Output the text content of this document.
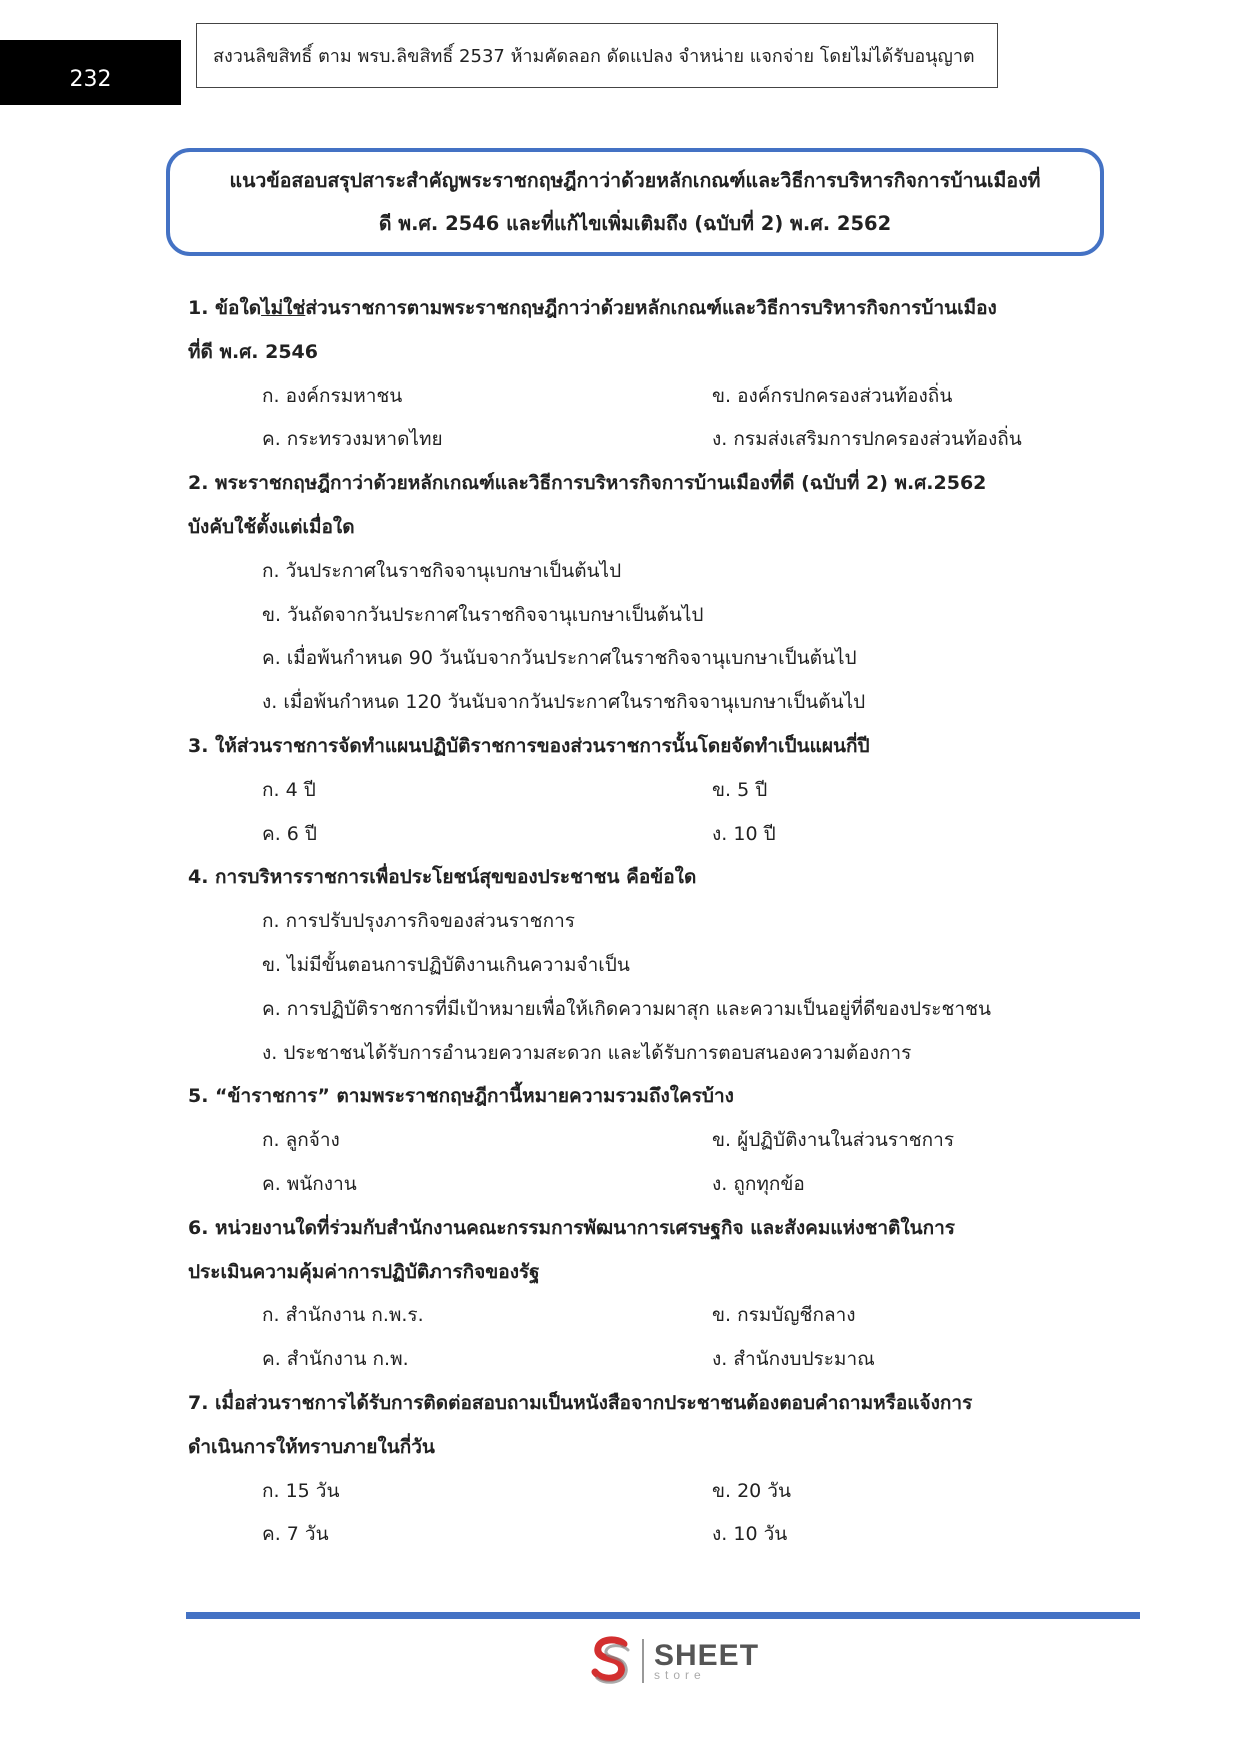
232
สงวนลิขสิทธิ์ ตาม พรบ.ลิขสิทธิ์ 2537 ห้ามคัดลอก ดัดแปลง จำหน่าย แจกจ่าย โดยไม่ได้รับอนุญาต
แนวข้อสอบสรุปสาระสำคัญพระราชกฤษฎีกาว่าด้วยหลักเกณฑ์และวิธีการบริหารกิจการบ้านเมืองที่
ดี พ.ศ. 2546 และที่แก้ไขเพิ่มเติมถึง (ฉบับที่ 2) พ.ศ. 2562
1. ข้อใดไม่ใช่ส่วนราชการตามพระราชกฤษฎีกาว่าด้วยหลักเกณฑ์และวิธีการบริหารกิจการบ้านเมือง
ที่ดี พ.ศ. 2546
ก. องค์กรมหาชน	ข. องค์กรปกครองส่วนท้องถิ่น
ค. กระทรวงมหาดไทย	ง. กรมส่งเสริมการปกครองส่วนท้องถิ่น
2. พระราชกฤษฎีกาว่าด้วยหลักเกณฑ์และวิธีการบริหารกิจการบ้านเมืองที่ดี (ฉบับที่ 2) พ.ศ.2562
บังคับใช้ตั้งแต่เมื่อใด
ก. วันประกาศในราชกิจจานุเบกษาเป็นต้นไป
ข. วันถัดจากวันประกาศในราชกิจจานุเบกษาเป็นต้นไป
ค. เมื่อพ้นกำหนด 90 วันนับจากวันประกาศในราชกิจจานุเบกษาเป็นต้นไป
ง. เมื่อพ้นกำหนด 120 วันนับจากวันประกาศในราชกิจจานุเบกษาเป็นต้นไป
3. ให้ส่วนราชการจัดทำแผนปฏิบัติราชการของส่วนราชการนั้นโดยจัดทำเป็นแผนกี่ปี
ก. 4 ปี	ข. 5 ปี
ค. 6 ปี	ง. 10 ปี
4. การบริหารราชการเพื่อประโยชน์สุขของประชาชน คือข้อใด
ก. การปรับปรุงภารกิจของส่วนราชการ
ข. ไม่มีขั้นตอนการปฏิบัติงานเกินความจำเป็น
ค. การปฏิบัติราชการที่มีเป้าหมายเพื่อให้เกิดความผาสุก และความเป็นอยู่ที่ดีของประชาชน
ง. ประชาชนได้รับการอำนวยความสะดวก และได้รับการตอบสนองความต้องการ
5. “ข้าราชการ” ตามพระราชกฤษฎีกานี้หมายความรวมถึงใครบ้าง
ก. ลูกจ้าง	ข. ผู้ปฏิบัติงานในส่วนราชการ
ค. พนักงาน	ง. ถูกทุกข้อ
6. หน่วยงานใดที่ร่วมกับสำนักงานคณะกรรมการพัฒนาการเศรษฐกิจ และสังคมแห่งชาติในการ
ประเมินความคุ้มค่าการปฏิบัติภารกิจของรัฐ
ก. สำนักงาน ก.พ.ร.	ข. กรมบัญชีกลาง
ค. สำนักงาน ก.พ.	ง. สำนักงบประมาณ
7. เมื่อส่วนราชการได้รับการติดต่อสอบถามเป็นหนังสือจากประชาชนต้องตอบคำถามหรือแจ้งการ
ดำเนินการให้ทราบภายในกี่วัน
ก. 15 วัน	ข. 20 วัน
ค. 7 วัน	ง. 10 วัน
SHEET
store
